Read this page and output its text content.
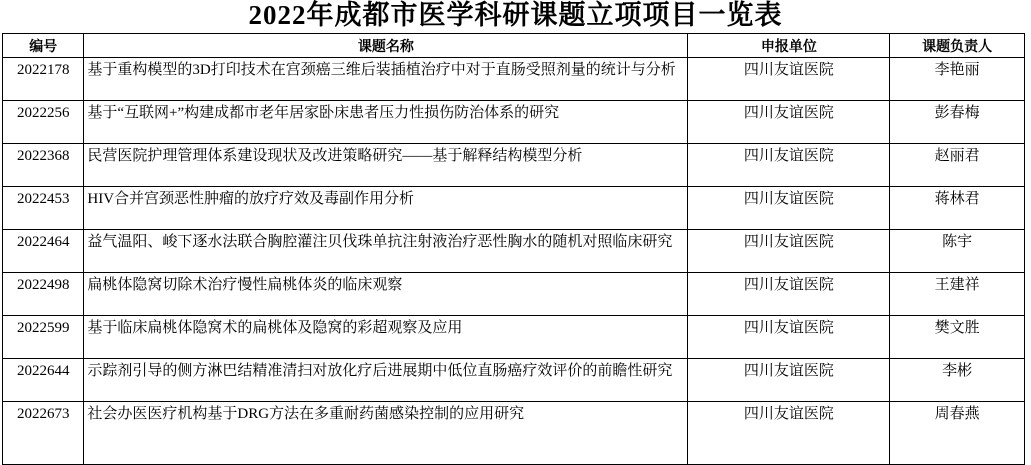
2022年成都市医学科研课题立项项目一览表
编号	课题名称	申报单位	课题负责人
2022178	基于重构模型的3D打印技术在宫颈癌三维后装插植治疗中对于直肠受照剂量的统计与分析	四川友谊医院	李艳丽
2022256	基于“互联网+”构建成都市老年居家卧床患者压力性损伤防治体系的研究	四川友谊医院	彭春梅
2022368	民营医院护理管理体系建设现状及改进策略研究——基于解释结构模型分析	四川友谊医院	赵丽君
2022453	HIV合并宫颈恶性肿瘤的放疗疗效及毒副作用分析	四川友谊医院	蒋林君
2022464	益气温阳、峻下逐水法联合胸腔灌注贝伐珠单抗注射液治疗恶性胸水的随机对照临床研究	四川友谊医院	陈宇
2022498	扁桃体隐窝切除术治疗慢性扁桃体炎的临床观察	四川友谊医院	王建祥
2022599	基于临床扁桃体隐窝术的扁桃体及隐窝的彩超观察及应用	四川友谊医院	樊文胜
2022644	示踪剂引导的侧方淋巴结精准清扫对放化疗后进展期中低位直肠癌疗效评价的前瞻性研究	四川友谊医院	李彬
2022673	社会办医医疗机构基于DRG方法在多重耐药菌感染控制的应用研究	四川友谊医院	周春燕
